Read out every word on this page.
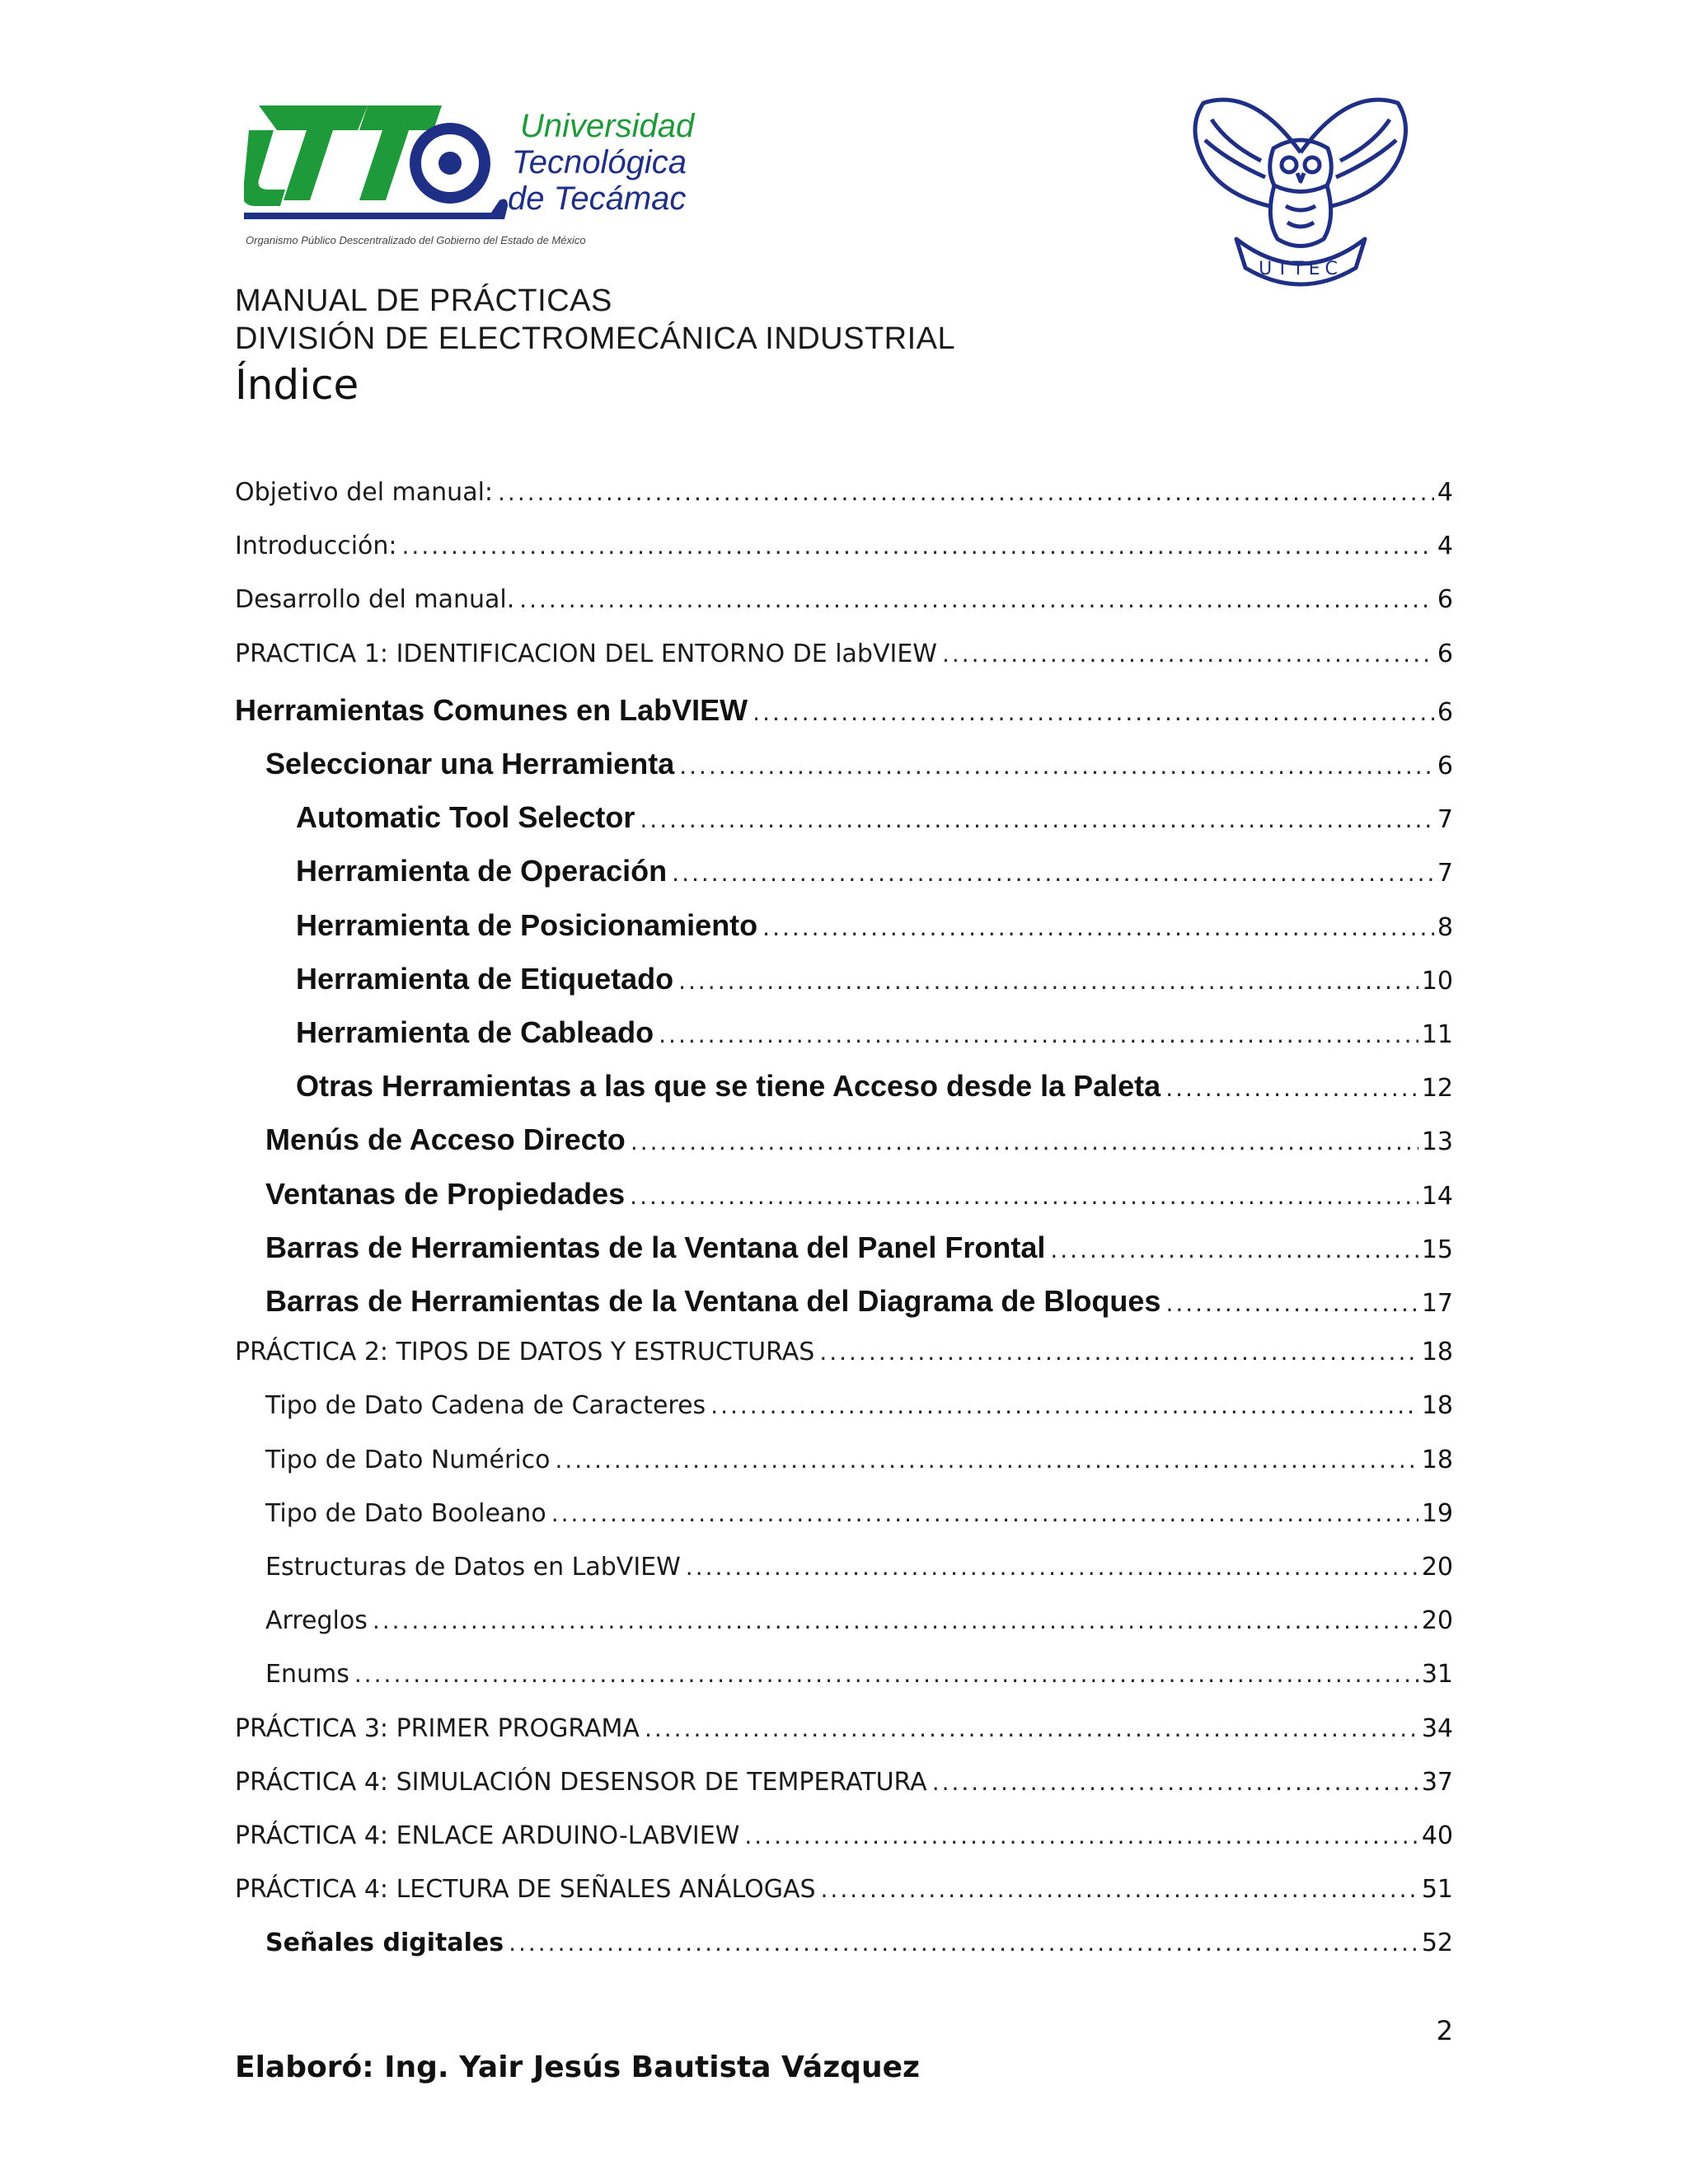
Universidad
Tecnológica
de Tecámac
Organismo Público Descentralizado del Gobierno del Estado de México
UTTEC
MANUAL DE PRÁCTICAS
DIVISIÓN DE ELECTROMECÁNICA INDUSTRIAL
Índice
Objetivo del manual: .....	4
Introducción: .....	4
Desarrollo del manual. .....	6
PRACTICA 1: IDENTIFICACION DEL ENTORNO DE labVIEW .....	6
Herramientas Comunes en LabVIEW .....	6
Seleccionar una Herramienta .....	6
Automatic Tool Selector .....	7
Herramienta de Operación .....	7
Herramienta de Posicionamiento .....	8
Herramienta de Etiquetado .....	10
Herramienta de Cableado .....	11
Otras Herramientas a las que se tiene Acceso desde la Paleta .....	12
Menús de Acceso Directo .....	13
Ventanas de Propiedades .....	14
Barras de Herramientas de la Ventana del Panel Frontal .....	15
Barras de Herramientas de la Ventana del Diagrama de Bloques .....	17
PRÁCTICA 2: TIPOS DE DATOS Y ESTRUCTURAS .....	18
Tipo de Dato Cadena de Caracteres .....	18
Tipo de Dato Numérico .....	18
Tipo de Dato Booleano .....	19
Estructuras de Datos en LabVIEW .....	20
Arreglos .....	20
Enums .....	31
PRÁCTICA 3: PRIMER PROGRAMA .....	34
PRÁCTICA 4: SIMULACIÓN DESENSOR DE TEMPERATURA .....	37
PRÁCTICA 4: ENLACE ARDUINO-LABVIEW .....	40
PRÁCTICA 4: LECTURA DE SEÑALES ANÁLOGAS .....	51
Señales digitales .....	52
2
Elaboró: Ing. Yair Jesús Bautista Vázquez
